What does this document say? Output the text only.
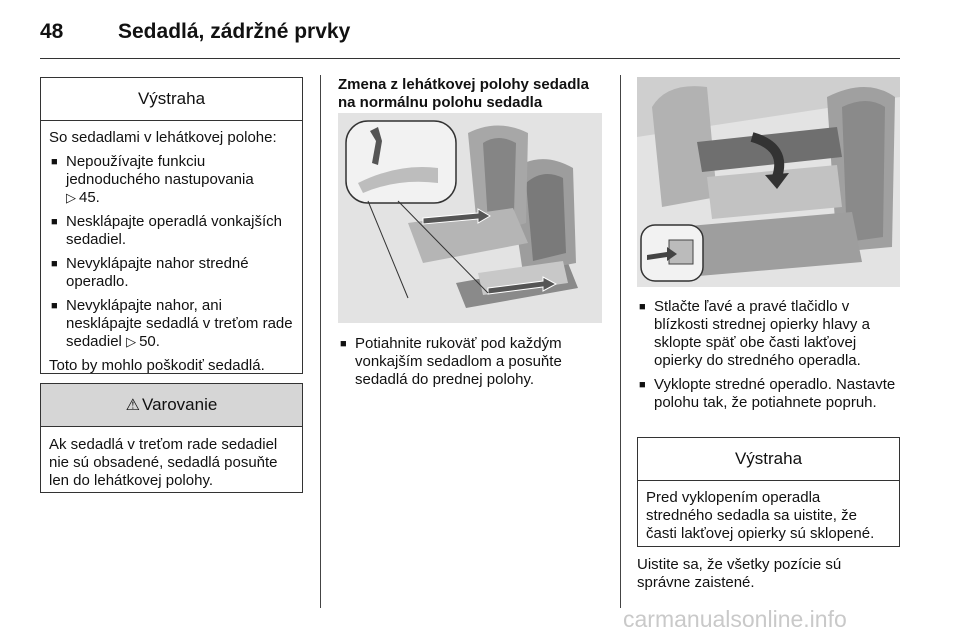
48	Sedadlá, zádržné prvky
Výstraha

So sedadlami v lehátkovej polohe:

■ Nepoužívajte funkciu jednoduchého nastupovania
▷ 45.
■ Nesklápajte operadlá vonkajších sedadiel.
■ Nevyklápajte nahor stredné operadlo.
■ Nevyklápajte nahor, ani nesklápajte sedadlá v treťom rade sedadiel ▷ 50.

Toto by mohlo poškodiť sedadlá.

⚠ Varovanie

Ak sedadlá v treťom rade sedadiel nie sú obsadené, sedadlá posuňte len do lehátkovej polohy.

Zmena z lehátkovej polohy sedadla na normálnu polohu sedadla
■ Potiahnite rukoväť pod každým vonkajším sedadlom a posuňte sedadlá do prednej polohy.
■ Stlačte ľavé a pravé tlačidlo v blízkosti strednej opierky hlavy a sklopte späť obe časti lakťovej opierky do stredného operadla.
■ Vyklopte stredné operadlo. Nastavte polohu tak, že potiahnete popruh.
Výstraha

Pred vyklopením operadla stredného sedadla sa uistite, že časti lakťovej opierky sú sklopené.

Uistite sa, že všetky pozície sú správne zaistené.
carmanualsonline.info
